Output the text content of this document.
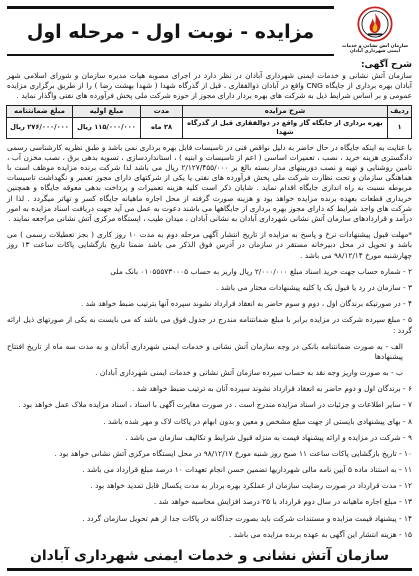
سازمان آتش نشانی و خدمات ایمنی شهرداری آبادان
مزایده - نوبت اول - مرحله اول
شرح آگهی:

سازمان آتش نشانی و خدمات ایمنی شهرداری آبادان در نظر دارد در اجرای مصوبه هیات مدیره سازمان و شورای اسلامی شهر آبادان بهره برداری از جایگاه CNG واقع در آبادان ذوالفقاری ، قبل از گذرگاه شهدا ( شهدا بهشت رضا ) را از طریق برگزاری مزایده عمومی و بر اساس شرایط ذیل به شرکت های بهره بردار دارای مجوز از حوزه شرکت ملی پخش فرآورده های نفتی واگذار نماید .

ردیف	شرح مزایده	مدت	مبلغ اولیه	مبلغ ضمانتنامه
۱	بهره برداری از جایگاه گاز واقع در ذوالفقاری قبل از گذرگاه شهدا	۳۸ ماه	۱۱۵/۰۰۰/۰۰۰ ریال	۲۷۶/۰۰۰/۰۰۰ ریال

با عنایت به اینکه جایگاه در حال حاضر به دلیل نواقص فنی در تاسیسات قابل بهره برداری نمی باشد و طبق نظریه کارشناسی رسمی دادگستری هزینه خرید ، نصب ، تعمیرات اساسی ( اعم از تاسیسات و ابنیه ) ، استانداردسازی ، تسویه بدهی برق ، نصب مخزن آب ، تامین روشنایی و تهیه و نصب دوربینهای مدار بسته بالغ بر ۲/۱۲۷/۴۵۵/۰۰۰ ریال می باشد لذا شرکت برنده مزایده موظف است با هماهنگی سازمان و تحت نظارت شرکت ملی پخش فرآورده های نفتی یا یکی از شرکتهای دارای مجوز تعمیر و نگهداشت تاسیسات مربوطه نسبت به راه اندازی جایگاه اقدام نماید . شایان ذکر است کلیه هزینه تعمیرات و پرداخت بدهی معوقه جایگاه و همچنین خریداری قطعات بعهده برنده مزایده خواهد بود و هزینه صورت گرفته از محل اجاره ماهیانه جایگاه کسر و تهاتر میگردد . لذا از شرکت های واجد شرایط که دارای مجوز بهره برداری از جایگاهها می باشند دعوت به عمل می آید جهت دریافت اسناد مزایده به امور درآمد و قراردادهای سازمان آتش نشانی شهرداری آبادان به نشانی آبادان ، میدان طیب ، ایستگاه مرکزی آتش نشانی مراجعه نمایند .

*مهلت قبول پیشنهادات نرخ و پاسخ به مزایده از تاریخ انتشار آگهی مرحله دوم به مدت ۱۰ روز کاری ( بجز تعطیلات رسمی ) می باشد و تحویل در محل دبیرخانه مستقر در سازمان در آدرس فوق الذکر می باشد ضمنا تاریخ بازگشایی پاکات ساعت ۱۳ روز چهارشنبه مورخ ۹۸/۱۲/۱۴ می باشد .

۲ - شماره حساب جهت خرید اسناد مبلغ ۲/۰۰۰/۰۰۰ ریال واریز به حساب ۰۱۰۵۵۵۷۳۰۰۰۵ بانک ملی
۳ - سازمان در رد یا قبول یک یا کلیه پیشنهادات مختار می باشد .
۴ - در صورتیکه برندگان اول ، دوم و سوم حاضر به انعقاد قرارداد نشوند سپرده آنها بترتیب ضبط خواهد شد .
۵ - مبلغ سپرده شرکت در مزایده برابر با مبلغ ضمانتنامه مندرج در جدول فوق می باشد که می بایست به یکی از صورتهای ذیل ارائه گردد :
الف - به صورت ضمانتنامه بانکی در وجه سازمان آتش نشانی و خدمات ایمنی شهرداری آبادان و به مدت سه ماه از تاریخ افتتاح پیشنهادها
ب - به صورت واریز وجه نقد به حساب سپرده سازمان آتش نشانی و خدمات ایمنی شهرداری آبادان .
۶ - برندگان اول و دوم حاضر به انعقاد قرارداد نشوند سپرده آنان به ترتیب ضبط خواهد شد .
۷ - سایر اطلاعات و جزئیات در اسناد مزایده مندرج است . در صورت مغایرت آگهی با اسناد ، اسناد مزایده ملاک عمل خواهد بود .
۸ - بهای پیشنهادی بایستی از جهت مبلغ مشخص و معین و بدون ابهام در پاکات لاک و مهر شده باشد .
۹ - شرکت در مزایده و ارائه پیشنهاد قیمت به منزله قبول شرایط و تکالیف سازمان می باشد .
۱۰ - تاریخ بازگشایی پاکات ساعت ۱۱ صبح روز شنبه مورخ ۹۸/۱۲/۱۷ در محل ایستگاه مرکزی آتش نشانی خواهد بود .
۱۱ - به استناد ماده ۵ آیین نامه مالی شهرداریها تضمین حسن انجام تعهدات ۱۰ درصد مبلغ قرارداد می باشد .
۱۲ - مدت قرارداد در صورت رضایت سازمان از عملکرد بهره بردار به مدت یکسال قابل تمدید خواهد بود .
۱۳ - مبلغ اجاره ماهیانه در سال دوم قرارداد با ۲۵ درصد افزایش محاسبه خواهد شد .
۱۴ - پیشنهاد قیمت مزایده و مستندات شرکت باید بصورت جداگانه در پاکات جدا از هم تحویل سازمان گردد .
۱۵ - هزینه انتشار این آگهی به عهده برنده مزایده می باشد .
سازمان آتش نشانی و خدمات ایمنی شهرداری آبادان
